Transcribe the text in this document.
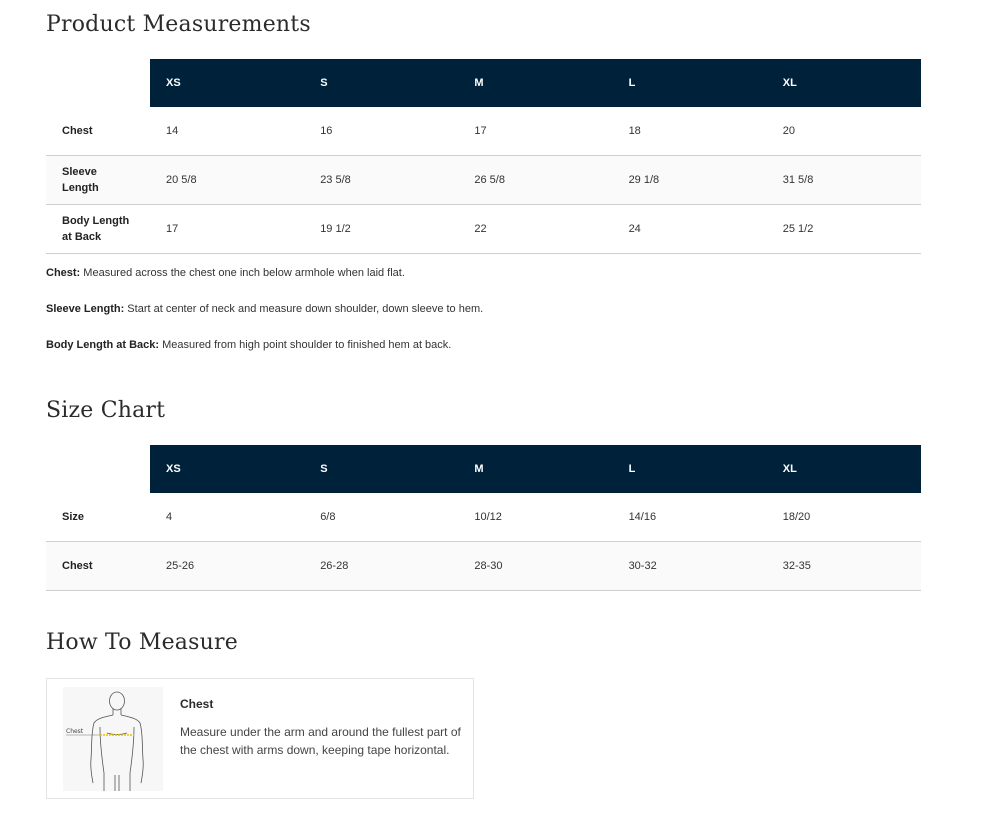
Product Measurements
	XS	S	M	L	XL
Chest	14	16	17	18	20
Sleeve Length	20 5/8	23 5/8	26 5/8	29 1/8	31 5/8
Body Length at Back	17	19 1/2	22	24	25 1/2

Chest: Measured across the chest one inch below armhole when laid flat.

Sleeve Length: Start at center of neck and measure down shoulder, down sleeve to hem.

Body Length at Back: Measured from high point shoulder to finished hem at back.

Size Chart
	XS	S	M	L	XL
Size	4	6/8	10/12	14/16	18/20
Chest	25-26	26-28	28-30	30-32	32-35
How To Measure
Chest
Chest
Measure under the arm and around the fullest part of the chest with arms down, keeping tape horizontal.
